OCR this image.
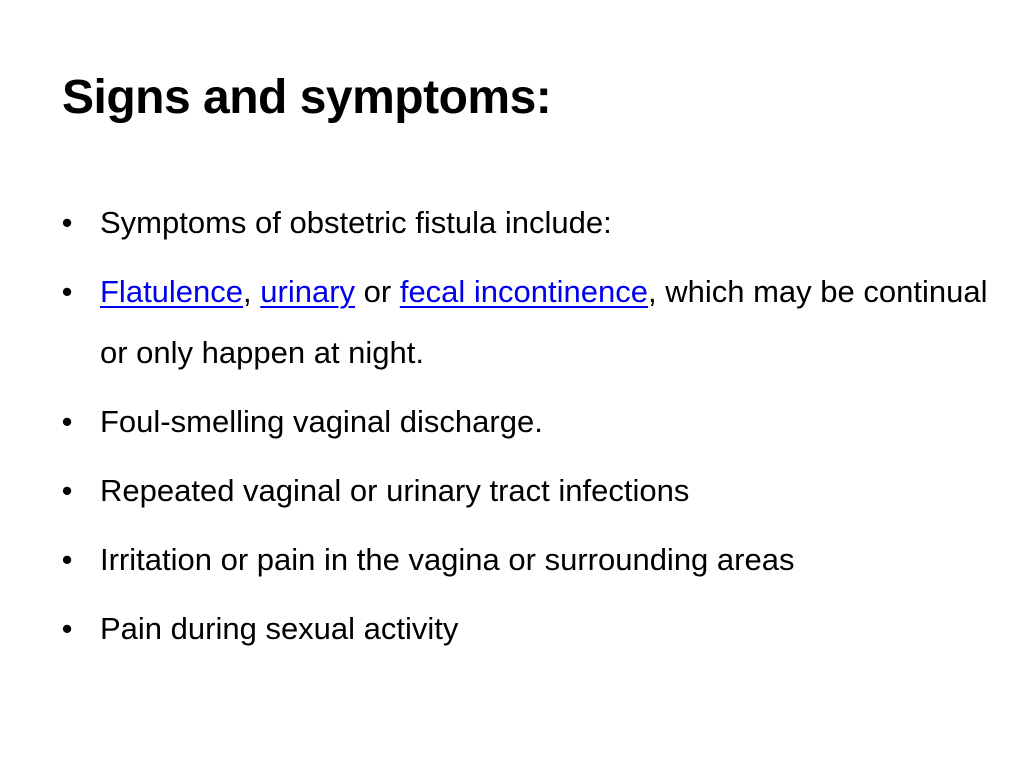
Signs and symptoms:
• Symptoms of obstetric fistula include:
• Flatulence, urinary or fecal incontinence, which may be continual or only happen at night.
• Foul-smelling vaginal discharge.
• Repeated vaginal or urinary tract infections
• Irritation or pain in the vagina or surrounding areas
• Pain during sexual activity
